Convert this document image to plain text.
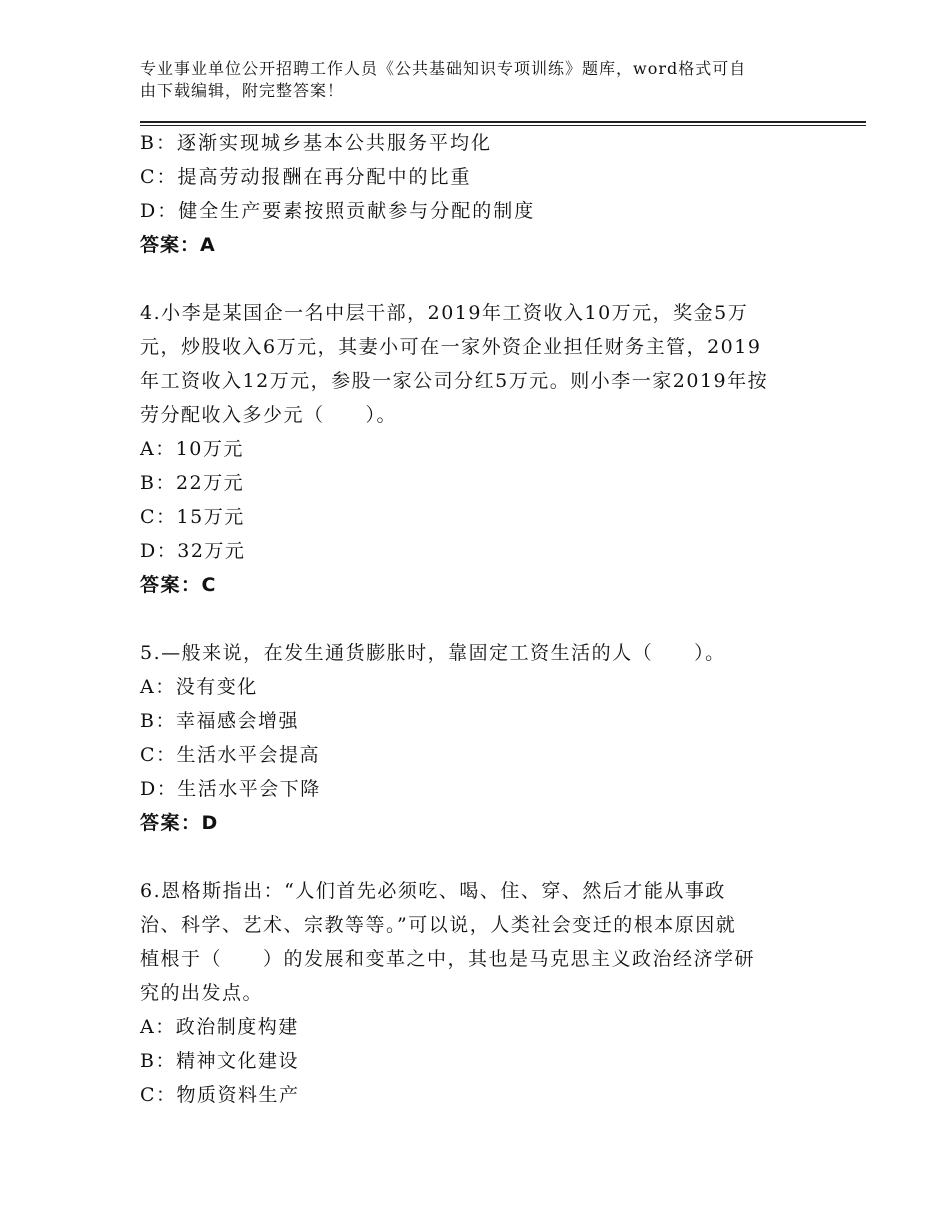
专业事业单位公开招聘工作人员《公共基础知识专项训练》题库，word格式可自
由下载编辑，附完整答案！
B：逐渐实现城乡基本公共服务平均化
C：提高劳动报酬在再分配中的比重
D：健全生产要素按照贡献参与分配的制度
答案：A
4.小李是某国企一名中层干部，2019年工资收入10万元，奖金5万
元，炒股收入6万元，其妻小可在一家外资企业担任财务主管，2019
年工资收入12万元，参股一家公司分红5万元。则小李一家2019年按
劳分配收入多少元（　　）。
A：10万元
B：22万元
C：15万元
D：32万元
答案：C
5.—般来说，在发生通货膨胀时，靠固定工资生活的人（　　）。
A：没有变化
B：幸福感会增强
C：生活水平会提高
D：生活水平会下降
答案：D
6.恩格斯指出：“人们首先必须吃、喝、住、穿、然后才能从事政
治、科学、艺术、宗教等等。”可以说，人类社会变迁的根本原因就
植根于（　　）的发展和变革之中，其也是马克思主义政治经济学研
究的出发点。
A：政治制度构建
B：精神文化建设
C：物质资料生产
